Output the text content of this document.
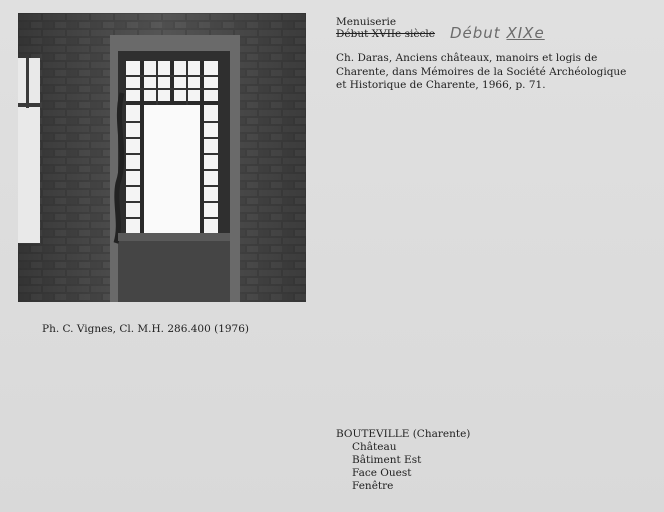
Menuiserie
Début XVIIe siècle Début XIXe
Ch. Daras, Anciens châteaux, manoirs et logis de
Charente, dans Mémoires de la Société Archéologique
et Historique de Charente, 1966, p. 71.
Ph. C. Vignes, Cl. M.H. 286.400 (1976)
BOUTEVILLE (Charente)
Château
Bâtiment Est
Face Ouest
Fenêtre
